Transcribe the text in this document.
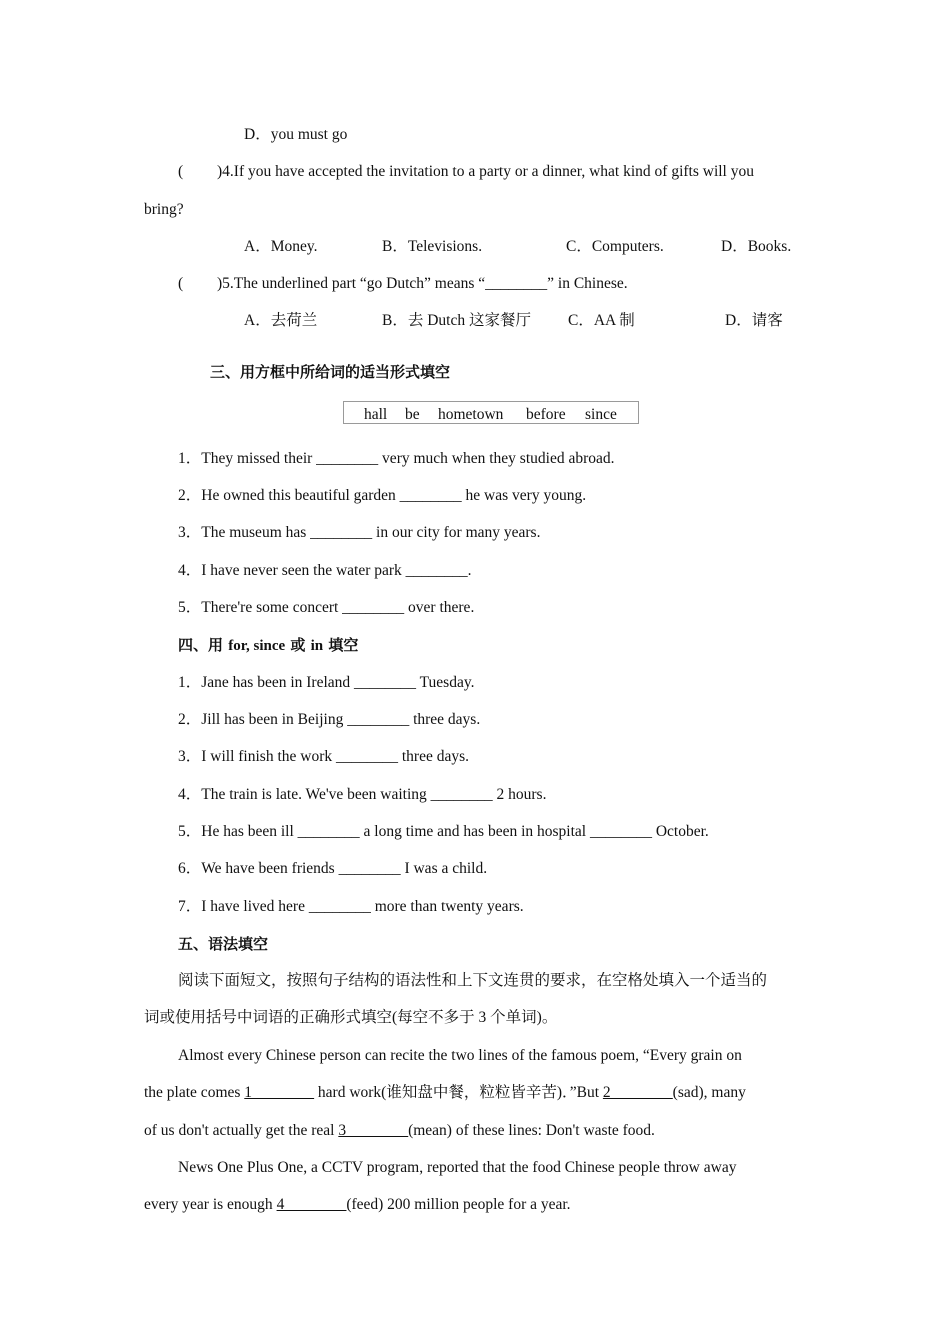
D．you must go
( )4.If you have accepted the invitation to a party or a dinner, what kind of gifts will you
bring?
A．Money.	B．Televisions.	C．Computers.	D．Books.
( )5.The underlined part “go Dutch” means “________” in Chinese.
A．去荷兰	B．去 Dutch 这家餐厅 C．AA 制	D．请客
三、用方框中所给词的适当形式填空
hall be hometown before since
1．They missed their ________ very much when they studied abroad.
2．He owned this beautiful garden ________ he was very young.
3．The museum has ________ in our city for many years.
4．I have never seen the water park ________.
5．There're some concert ________ over there.
四、用 for, since 或 in 填空
1．Jane has been in Ireland ________ Tuesday.
2．Jill has been in Beijing ________ three days.
3．I will finish the work ________ three days.
4．The train is late. We've been waiting ________ 2 hours.
5．He has been ill ________ a long time and has been in hospital ________ October.
6．We have been friends ________ I was a child.
7．I have lived here ________ more than twenty years.
五、语法填空
阅读下面短文，按照句子结构的语法性和上下文连贯的要求，在空格处填入一个适当的
词或使用括号中词语的正确形式填空(每空不多于 3 个单词)。
Almost every Chinese person can recite the two lines of the famous poem, “Every grain on
the plate comes 1________ hard work(谁知盘中餐，粒粒皆辛苦)．”But 2________(sad), many
of us don't actually get the real 3________(mean) of these lines: Don't waste food.
News One Plus One, a CCTV program, reported that the food Chinese people throw away
every year is enough 4________(feed) 200 million people for a year.
